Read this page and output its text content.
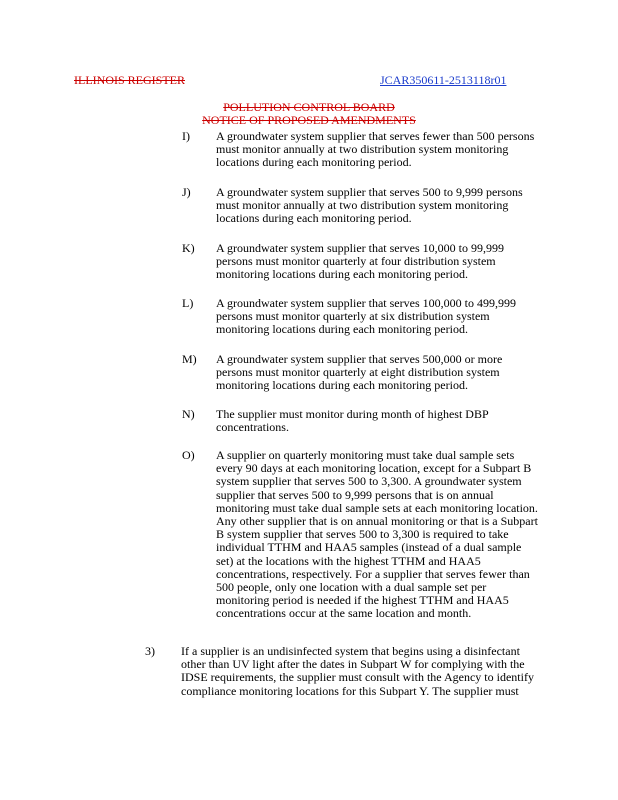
ILLINOIS REGISTER	JCAR350611-2513118r01
POLLUTION CONTROL BOARD
NOTICE OF PROPOSED AMENDMENTS
I) A groundwater system supplier that serves fewer than 500 persons
must monitor annually at two distribution system monitoring
locations during each monitoring period.
J) A groundwater system supplier that serves 500 to 9,999 persons
must monitor annually at two distribution system monitoring
locations during each monitoring period.
K) A groundwater system supplier that serves 10,000 to 99,999
persons must monitor quarterly at four distribution system
monitoring locations during each monitoring period.
L) A groundwater system supplier that serves 100,000 to 499,999
persons must monitor quarterly at six distribution system
monitoring locations during each monitoring period.
M) A groundwater system supplier that serves 500,000 or more
persons must monitor quarterly at eight distribution system
monitoring locations during each monitoring period.
N) The supplier must monitor during month of highest DBP
concentrations.
O) A supplier on quarterly monitoring must take dual sample sets
every 90 days at each monitoring location, except for a Subpart B
system supplier that serves 500 to 3,300. A groundwater system
supplier that serves 500 to 9,999 persons that is on annual
monitoring must take dual sample sets at each monitoring location.
Any other supplier that is on annual monitoring or that is a Subpart
B system supplier that serves 500 to 3,300 is required to take
individual TTHM and HAA5 samples (instead of a dual sample
set) at the locations with the highest TTHM and HAA5
concentrations, respectively. For a supplier that serves fewer than
500 people, only one location with a dual sample set per
monitoring period is needed if the highest TTHM and HAA5
concentrations occur at the same location and month.
3) If a supplier is an undisinfected system that begins using a disinfectant
other than UV light after the dates in Subpart W for complying with the
IDSE requirements, the supplier must consult with the Agency to identify
compliance monitoring locations for this Subpart Y. The supplier must
